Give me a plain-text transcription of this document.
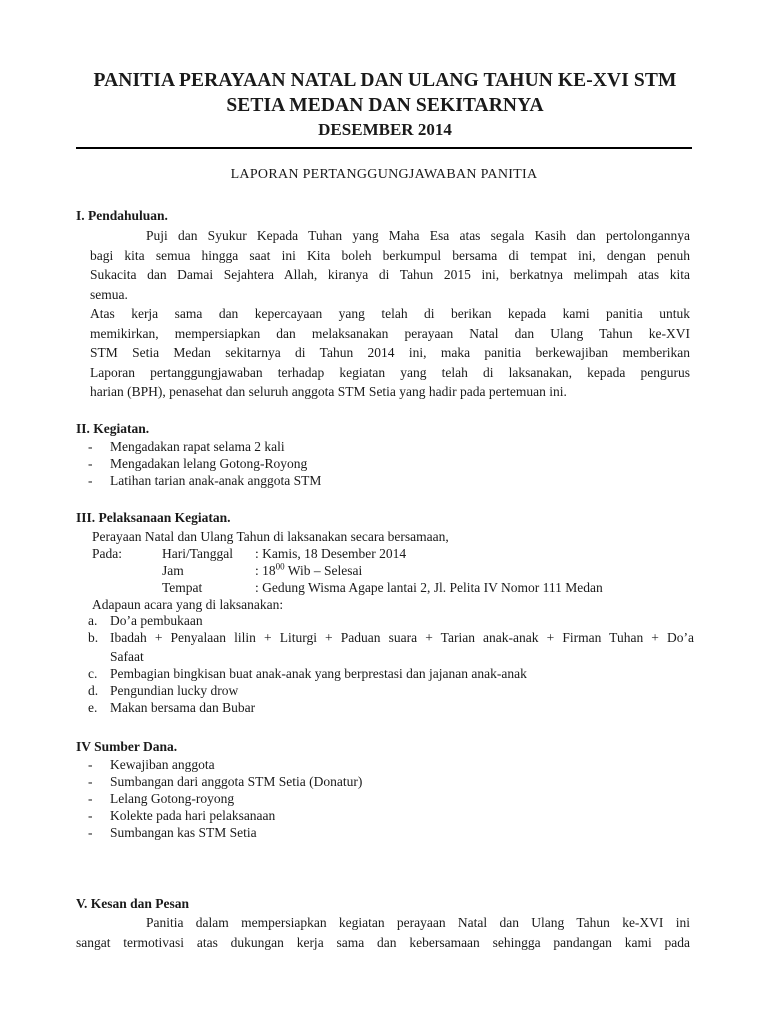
PANITIA PERAYAAN NATAL DAN ULANG TAHUN KE-XVI STM
SETIA MEDAN DAN SEKITARNYA
DESEMBER 2014
LAPORAN PERTANGGUNGJAWABAN PANITIA
I. Pendahuluan.
Puji dan Syukur Kepada Tuhan yang Maha Esa atas segala Kasih dan pertolongannya
bagi kita semua hingga saat ini Kita boleh berkumpul bersama di tempat ini, dengan penuh
Sukacita dan Damai Sejahtera Allah, kiranya di Tahun 2015 ini, berkatnya melimpah atas kita
semua.
Atas kerja sama dan kepercayaan yang telah di berikan kepada kami panitia untuk
memikirkan, mempersiapkan dan melaksanakan perayaan Natal dan Ulang Tahun ke-XVI
STM Setia Medan sekitarnya di Tahun 2014 ini, maka panitia berkewajiban memberikan
Laporan pertanggungjawaban terhadap kegiatan yang telah di laksanakan, kepada pengurus
harian (BPH), penasehat dan seluruh anggota STM Setia yang hadir pada pertemuan ini.
II. Kegiatan.
- Mengadakan rapat selama 2 kali
- Mengadakan lelang Gotong-Royong
- Latihan tarian anak-anak anggota STM
III. Pelaksanaan Kegiatan.
Perayaan Natal dan Ulang Tahun di laksanakan secara bersamaan,
Pada:	Hari/Tanggal : Kamis, 18 Desember 2014
Jam	: $18^{00}$ Wib – Selesai
Tempat	: Gedung Wisma Agape lantai 2, Jl. Pelita IV Nomor 111 Medan
Adapaun acara yang di laksanakan:
a. Do’a pembukaan
b. Ibadah + Penyalaan lilin + Liturgi + Paduan suara + Tarian anak-anak + Firman Tuhan + Do’a
Safaat
c. Pembagian bingkisan buat anak-anak yang berprestasi dan jajanan anak-anak
d. Pengundian lucky drow
e. Makan bersama dan Bubar
IV Sumber Dana.
- Kewajiban anggota
- Sumbangan dari anggota STM Setia (Donatur)
- Lelang Gotong-royong
- Kolekte pada hari pelaksanaan
- Sumbangan kas STM Setia
V. Kesan dan Pesan
Panitia dalam mempersiapkan kegiatan perayaan Natal dan Ulang Tahun ke-XVI ini
sangat termotivasi atas dukungan kerja sama dan kebersamaan sehingga pandangan kami pada
